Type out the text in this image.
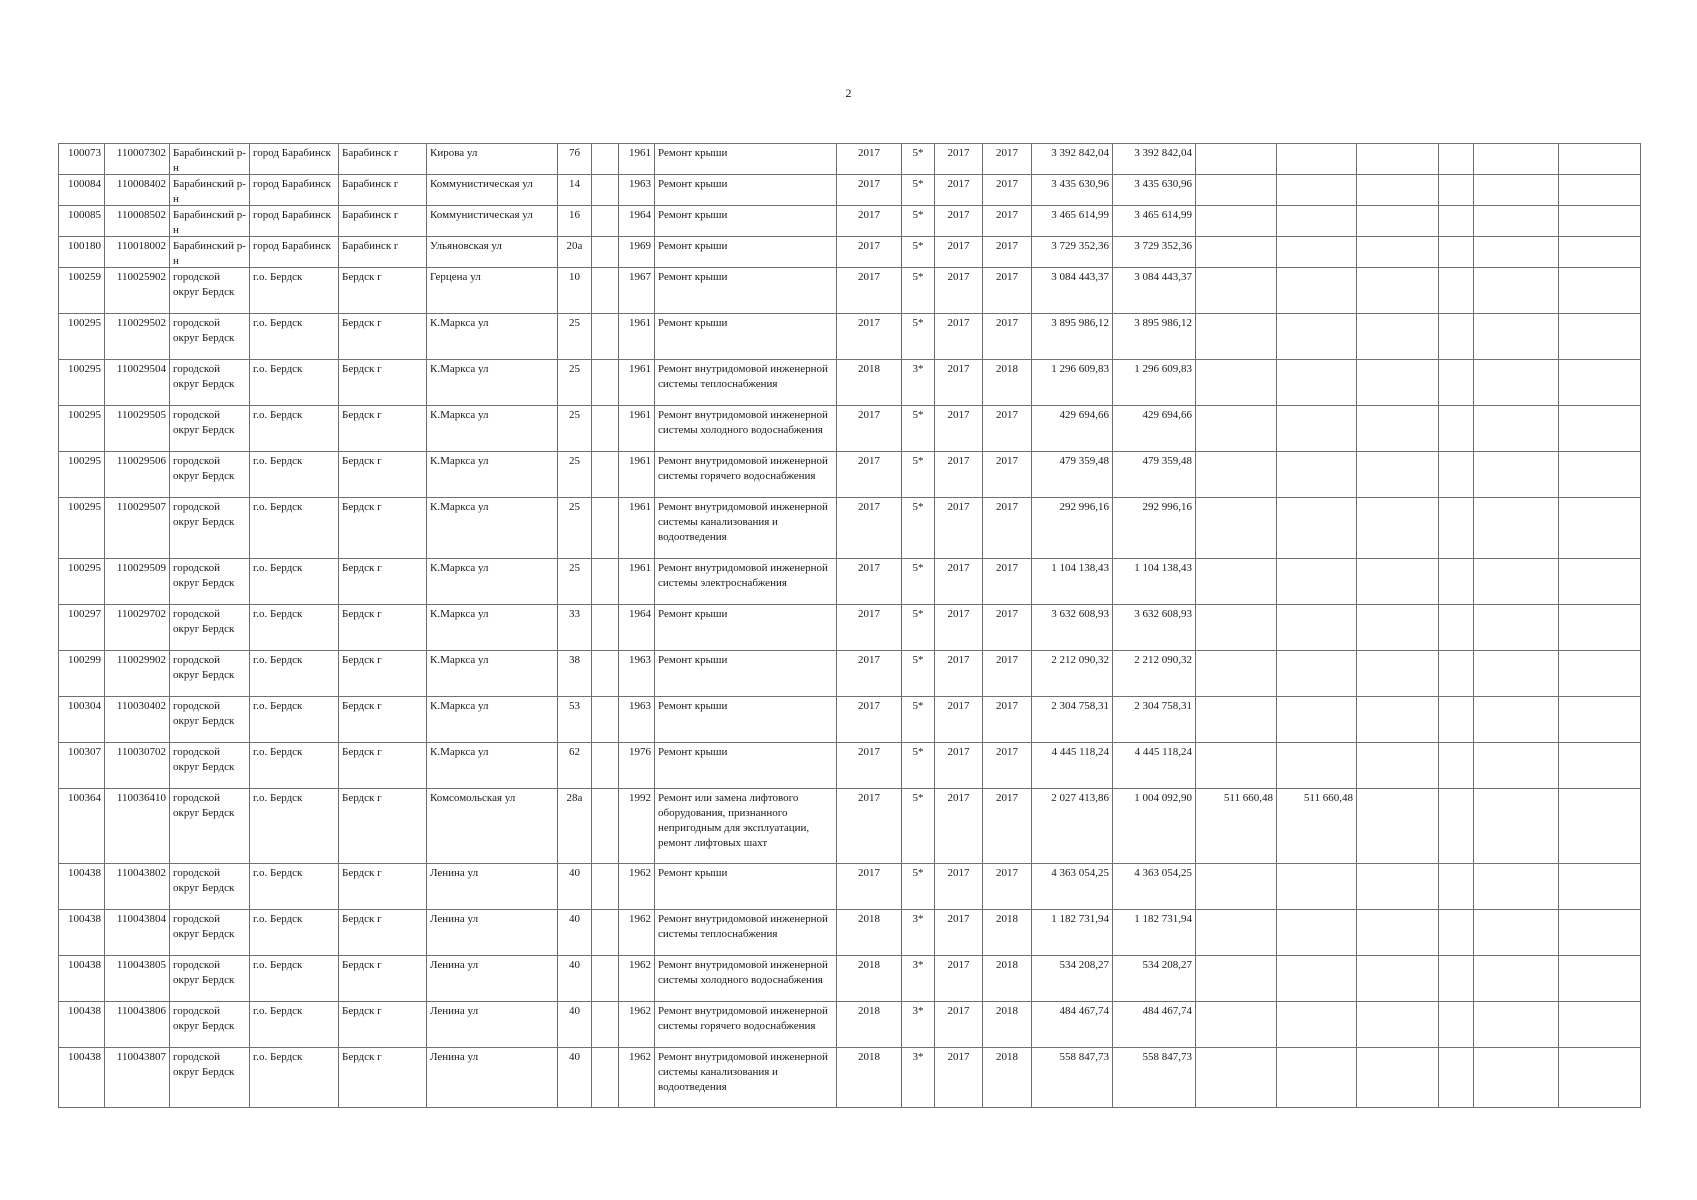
2
100073	110007302	Барабинский р-н	город Барабинск	Барабинск г	Кирова ул	7б		1961	Ремонт крыши	2017	5*	2017	2017	3 392 842,04	3 392 842,04						

100084	110008402	Барабинский р-н	город Барабинск	Барабинск г	Коммунистическая ул	14		1963	Ремонт крыши	2017	5*	2017	2017	3 435 630,96	3 435 630,96						

100085	110008502	Барабинский р-н	город Барабинск	Барабинск г	Коммунистическая ул	16		1964	Ремонт крыши	2017	5*	2017	2017	3 465 614,99	3 465 614,99						

100180	110018002	Барабинский р-н	город Барабинск	Барабинск г	Ульяновская ул	20а		1969	Ремонт крыши	2017	5*	2017	2017	3 729 352,36	3 729 352,36						

100259	110025902	городской округ Бердск	г.о. Бердск	Бердск г	Герцена ул	10		1967	Ремонт крыши	2017	5*	2017	2017	3 084 443,37	3 084 443,37						

100295	110029502	городской округ Бердск	г.о. Бердск	Бердск г	К.Маркса ул	25		1961	Ремонт крыши	2017	5*	2017	2017	3 895 986,12	3 895 986,12						

100295	110029504	городской округ Бердск	г.о. Бердск	Бердск г	К.Маркса ул	25		1961	Ремонт внутридомовой инженерной системы теплоснабжения	2018	3*	2017	2018	1 296 609,83	1 296 609,83						

100295	110029505	городской округ Бердск	г.о. Бердск	Бердск г	К.Маркса ул	25		1961	Ремонт внутридомовой инженерной системы холодного водоснабжения	2017	5*	2017	2017	429 694,66	429 694,66						

100295	110029506	городской округ Бердск	г.о. Бердск	Бердск г	К.Маркса ул	25		1961	Ремонт внутридомовой инженерной системы горячего водоснабжения	2017	5*	2017	2017	479 359,48	479 359,48						

100295	110029507	городской округ Бердск	г.о. Бердск	Бердск г	К.Маркса ул	25		1961	Ремонт внутридомовой инженерной системы канализования и водоотведения	2017	5*	2017	2017	292 996,16	292 996,16						

100295	110029509	городской округ Бердск	г.о. Бердск	Бердск г	К.Маркса ул	25		1961	Ремонт внутридомовой инженерной системы электроснабжения	2017	5*	2017	2017	1 104 138,43	1 104 138,43						

100297	110029702	городской округ Бердск	г.о. Бердск	Бердск г	К.Маркса ул	33		1964	Ремонт крыши	2017	5*	2017	2017	3 632 608,93	3 632 608,93						

100299	110029902	городской округ Бердск	г.о. Бердск	Бердск г	К.Маркса ул	38		1963	Ремонт крыши	2017	5*	2017	2017	2 212 090,32	2 212 090,32						

100304	110030402	городской округ Бердск	г.о. Бердск	Бердск г	К.Маркса ул	53		1963	Ремонт крыши	2017	5*	2017	2017	2 304 758,31	2 304 758,31						

100307	110030702	городской округ Бердск	г.о. Бердск	Бердск г	К.Маркса ул	62		1976	Ремонт крыши	2017	5*	2017	2017	4 445 118,24	4 445 118,24						

100364	110036410	городской округ Бердск	г.о. Бердск	Бердск г	Комсомольская ул	28а		1992	Ремонт или замена лифтового оборудования, признанного непригодным для эксплуатации, ремонт лифтовых шахт	2017	5*	2017	2017	2 027 413,86	1 004 092,90	511 660,48	511 660,48				

100438	110043802	городской округ Бердск	г.о. Бердск	Бердск г	Ленина ул	40		1962	Ремонт крыши	2017	5*	2017	2017	4 363 054,25	4 363 054,25						

100438	110043804	городской округ Бердск	г.о. Бердск	Бердск г	Ленина ул	40		1962	Ремонт внутридомовой инженерной системы теплоснабжения	2018	3*	2017	2018	1 182 731,94	1 182 731,94						

100438	110043805	городской округ Бердск	г.о. Бердск	Бердск г	Ленина ул	40		1962	Ремонт внутридомовой инженерной системы холодного водоснабжения	2018	3*	2017	2018	534 208,27	534 208,27						

100438	110043806	городской округ Бердск	г.о. Бердск	Бердск г	Ленина ул	40		1962	Ремонт внутридомовой инженерной системы горячего водоснабжения	2018	3*	2017	2018	484 467,74	484 467,74						

100438	110043807	городской округ Бердск	г.о. Бердск	Бердск г	Ленина ул	40		1962	Ремонт внутридомовой инженерной системы канализования и водоотведения	2018	3*	2017	2018	558 847,73	558 847,73						
